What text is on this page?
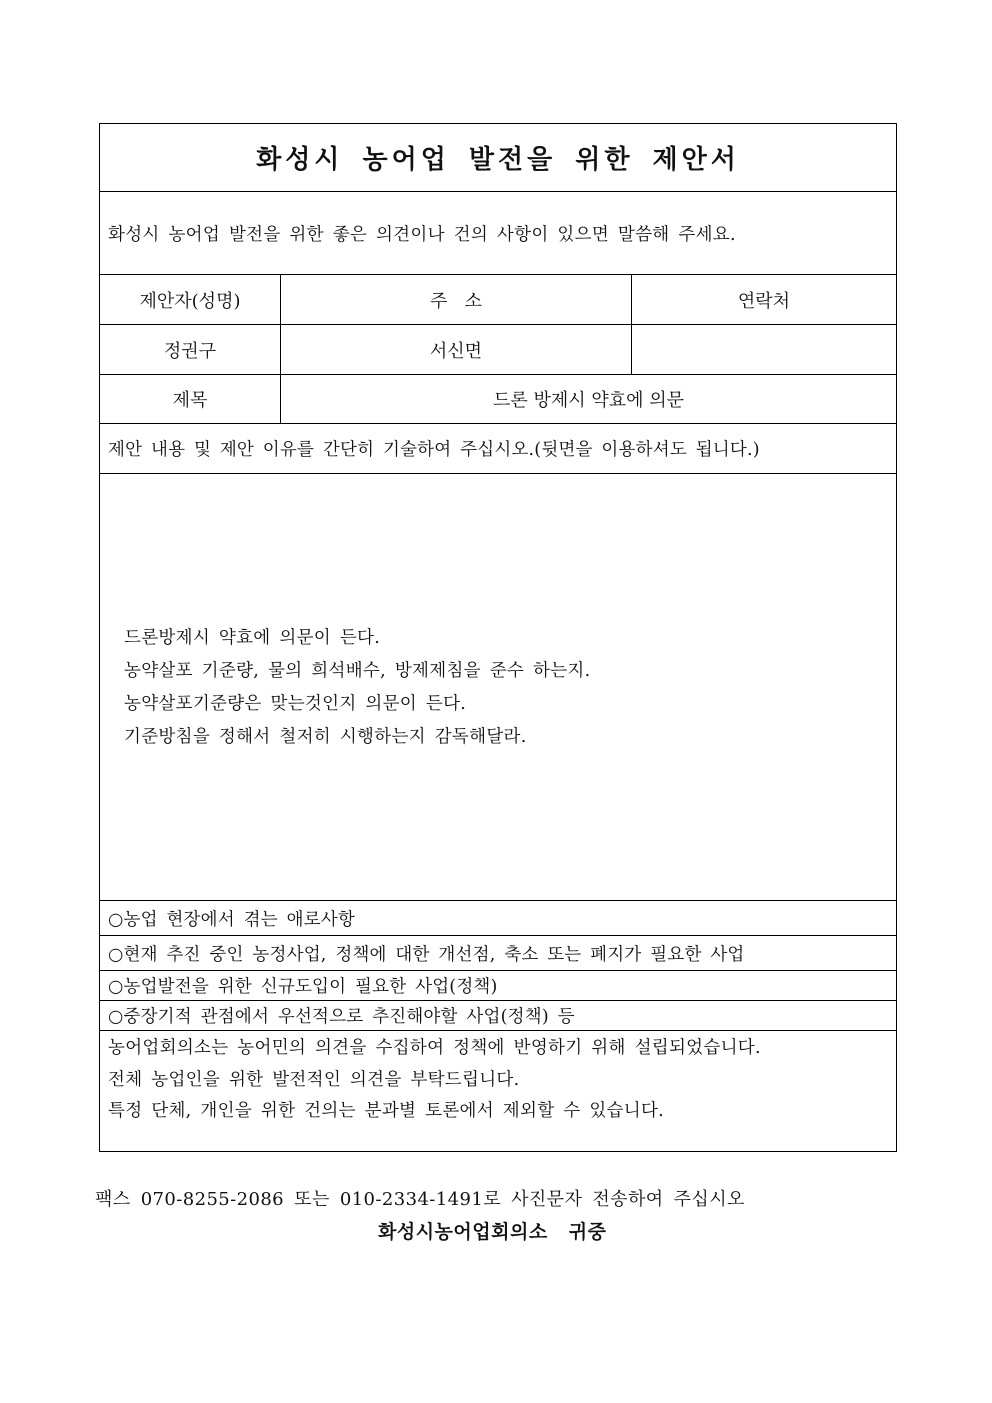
화성시 농어업 발전을 위한 제안서
화성시 농어업 발전을 위한 좋은 의견이나 건의 사항이 있으면 말씀해 주세요.
제안자(성명)	주   소	연락처
정권구	서신면
제목	드론 방제시 약효에 의문
제안 내용 및 제안 이유를 간단히 기술하여 주십시오.(뒷면을 이용하셔도 됩니다.)
드론방제시 약효에 의문이 든다.
농약살포 기준량, 물의 희석배수, 방제제침을 준수 하는지.
농약살포기준량은 맞는것인지 의문이 든다.
기준방침을 정해서 철저히 시행하는지 감독해달라.
○농업 현장에서 겪는 애로사항
○현재 추진 중인 농정사업, 정책에 대한 개선점, 축소 또는 폐지가 필요한 사업
○농업발전을 위한 신규도입이 필요한 사업(정책)
○중장기적 관점에서 우선적으로 추진해야할 사업(정책) 등
농어업회의소는 농어민의 의견을 수집하여 정책에 반영하기 위해 설립되었습니다.
전체 농업인을 위한 발전적인 의견을 부탁드립니다.
특정 단체, 개인을 위한 건의는 분과별 토론에서 제외할 수 있습니다.
팩스 070-8255-2086 또는 010-2334-1491로 사진문자 전송하여 주십시오
화성시농어업회의소 귀중
